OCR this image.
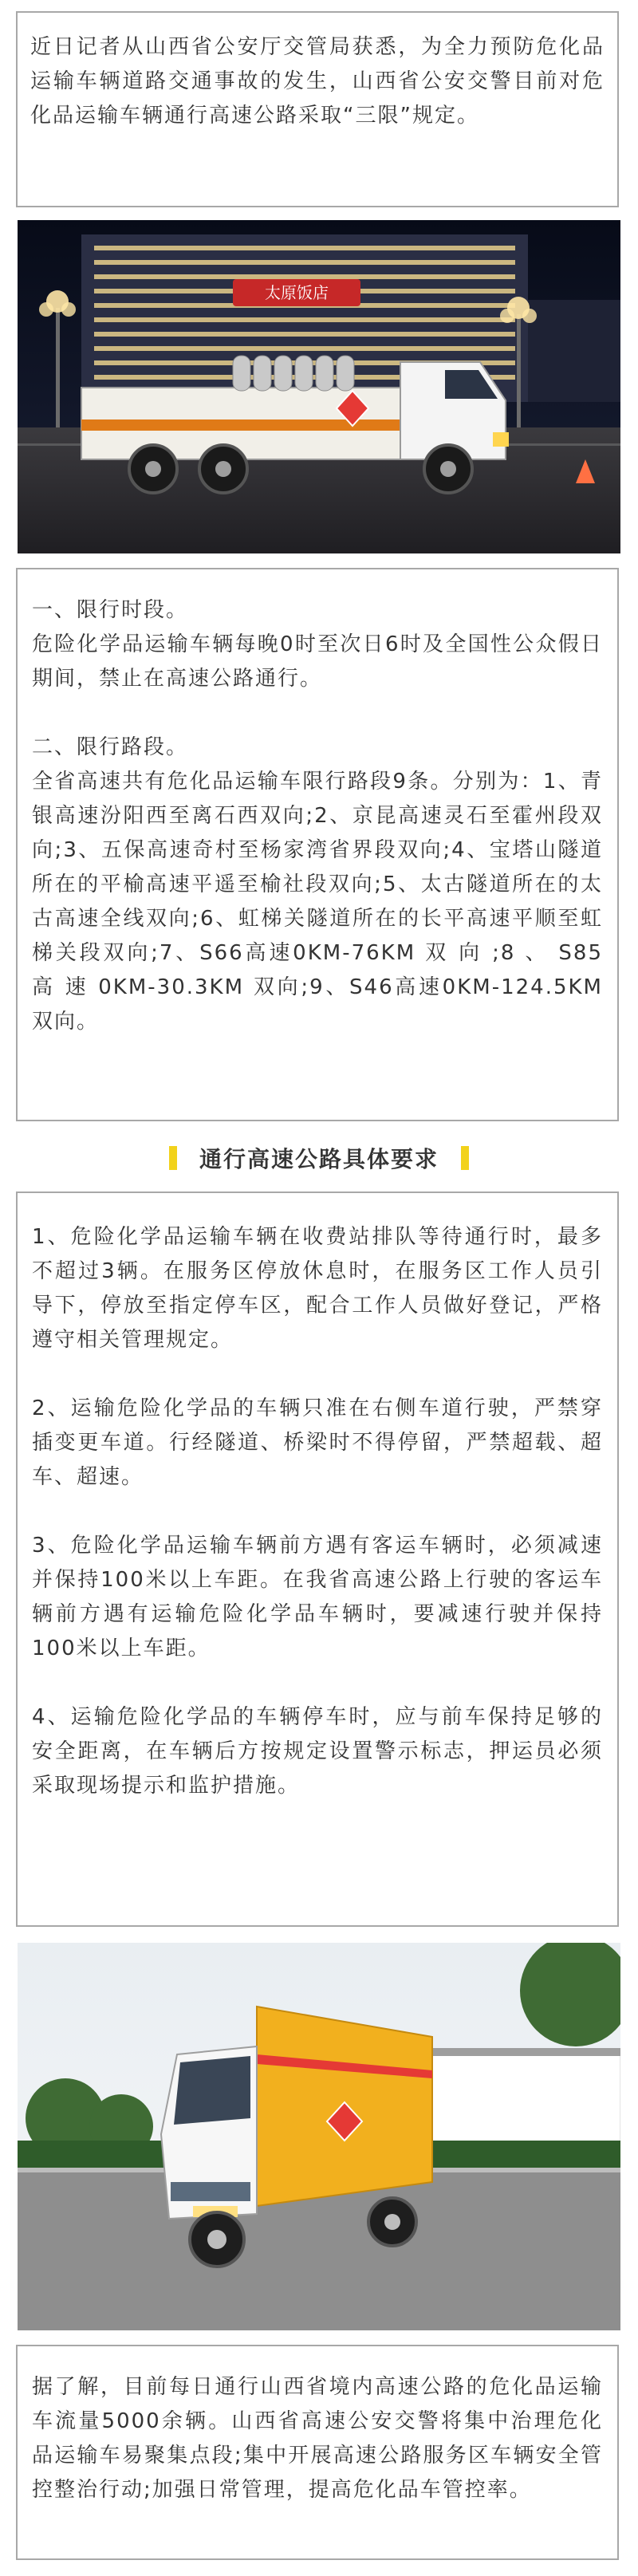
近日记者从山西省公安厅交管局获悉，为全力预防危化品运输车辆道路交通事故的发生，山西省公安交警目前对危化品运输车辆通行高速公路采取“三限”规定。

太原饭店

一、限行时段。

危险化学品运输车辆每晚0时至次日6时及全国性公众假日期间，禁止在高速公路通行。

二、限行路段。

全省高速共有危化品运输车限行路段9条。分别为：1、青银高速汾阳西至离石西双向;2、京昆高速灵石至霍州段双向;3、五保高速奇村至杨家湾省界段双向;4、宝塔山隧道所在的平榆高速平遥至榆社段双向;5、太古隧道所在的太古高速全线双向;6、虹梯关隧道所在的长平高速平顺至虹梯关段双向;7、S66高速0KM-76KM 双 向 ;8 、 S85 高 速 0KM-30.3KM 双向;9、S46高速0KM-124.5KM双向。

通行高速公路具体要求

1、危险化学品运输车辆在收费站排队等待通行时，最多不超过3辆。在服务区停放休息时，在服务区工作人员引导下，停放至指定停车区，配合工作人员做好登记，严格遵守相关管理规定。

2、运输危险化学品的车辆只准在右侧车道行驶，严禁穿插变更车道。行经隧道、桥梁时不得停留，严禁超载、超车、超速。

3、危险化学品运输车辆前方遇有客运车辆时，必须减速并保持100米以上车距。在我省高速公路上行驶的客运车辆前方遇有运输危险化学品车辆时，要减速行驶并保持100米以上车距。

4、运输危险化学品的车辆停车时，应与前车保持足够的安全距离，在车辆后方按规定设置警示标志，押运员必须采取现场提示和监护措施。

据了解，目前每日通行山西省境内高速公路的危化品运输车流量5000余辆。山西省高速公安交警将集中治理危化品运输车易聚集点段;集中开展高速公路服务区车辆安全管控整治行动;加强日常管理，提高危化品车管控率。
